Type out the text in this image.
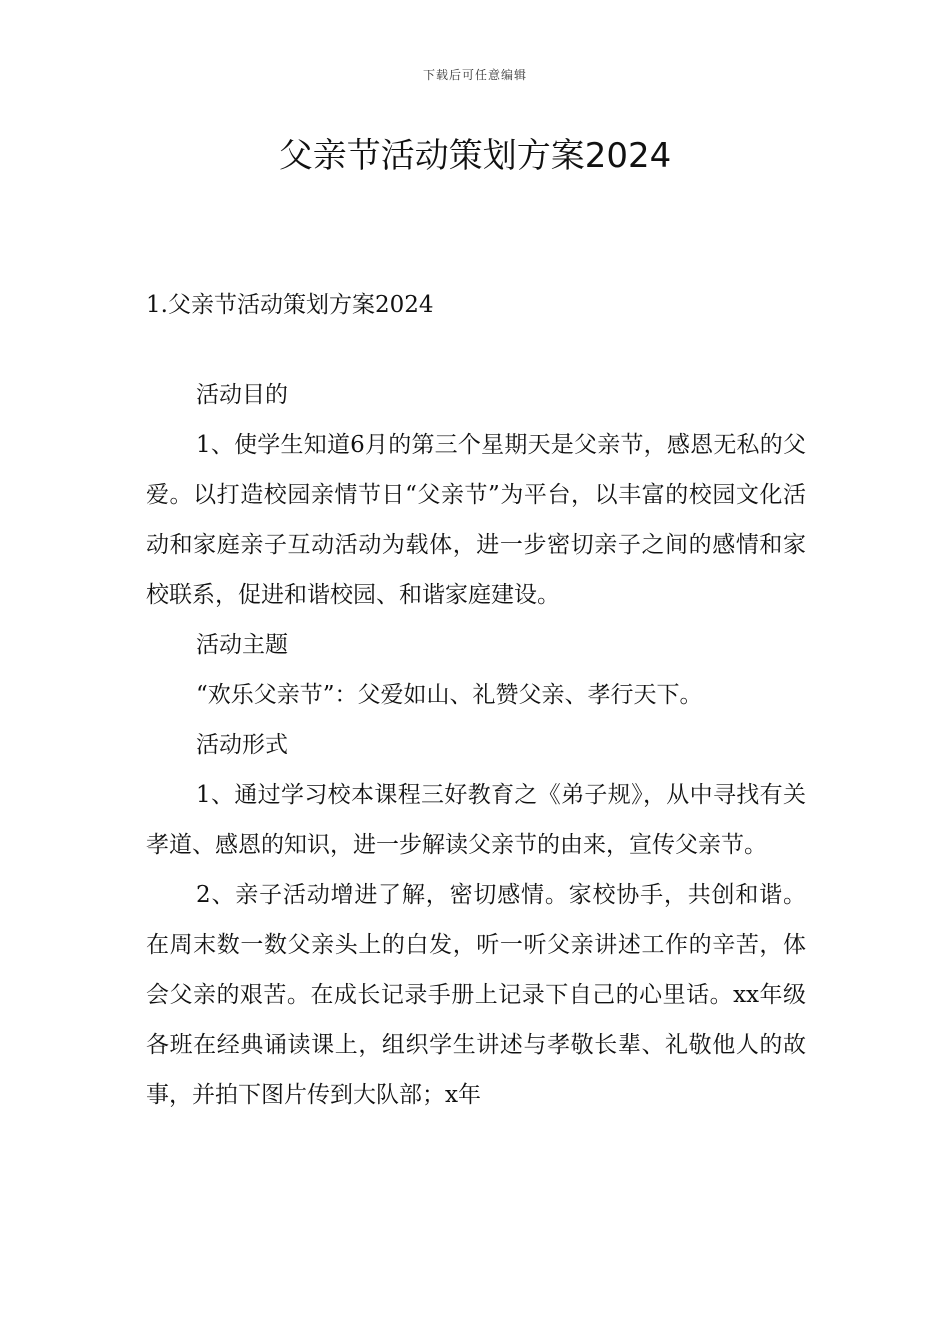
下载后可任意编辑
父亲节活动策划方案2024

1.父亲节活动策划方案2024

活动目的

1、使学生知道6月的第三个星期天是父亲节，感恩无私的父爱。以打造校园亲情节日“父亲节”为平台，以丰富的校园文化活动和家庭亲子互动活动为载体，进一步密切亲子之间的感情和家校联系，促进和谐校园、和谐家庭建设。

活动主题

“欢乐父亲节”：父爱如山、礼赞父亲、孝行天下。

活动形式

1、通过学习校本课程三好教育之《弟子规》，从中寻找有关孝道、感恩的知识，进一步解读父亲节的由来，宣传父亲节。

2、亲子活动增进了解，密切感情。家校协手，共创和谐。在周末数一数父亲头上的白发，听一听父亲讲述工作的辛苦，体会父亲的艰苦。在成长记录手册上记录下自己的心里话。xx年级各班在经典诵读课上，组织学生讲述与孝敬长辈、礼敬他人的故事，并拍下图片传到大队部；x年
